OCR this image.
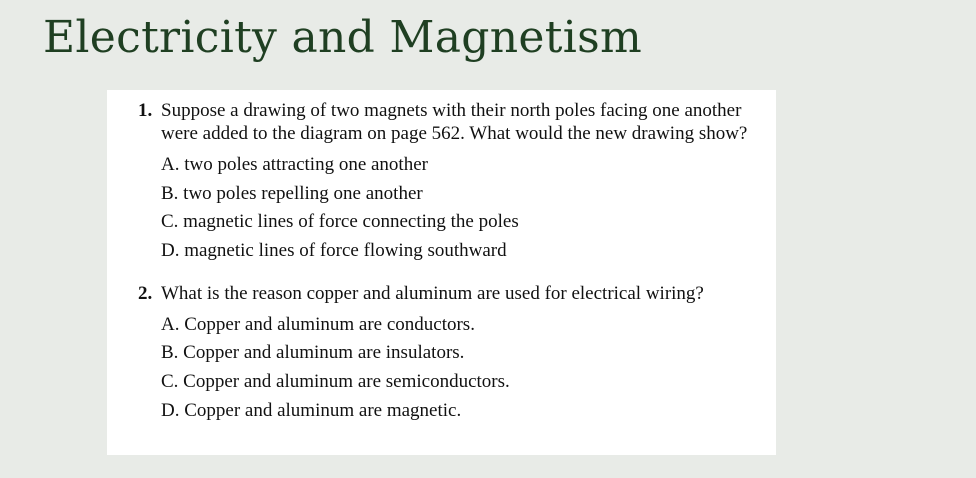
Electricity and Magnetism
1. Suppose a drawing of two magnets with their north poles facing one another were added to the diagram on page 562. What would the new drawing show?
A. two poles attracting one another
B. two poles repelling one another
C. magnetic lines of force connecting the poles
D. magnetic lines of force flowing southward
2. What is the reason copper and aluminum are used for electrical wiring?
A. Copper and aluminum are conductors.
B. Copper and aluminum are insulators.
C. Copper and aluminum are semiconductors.
D. Copper and aluminum are magnetic.
